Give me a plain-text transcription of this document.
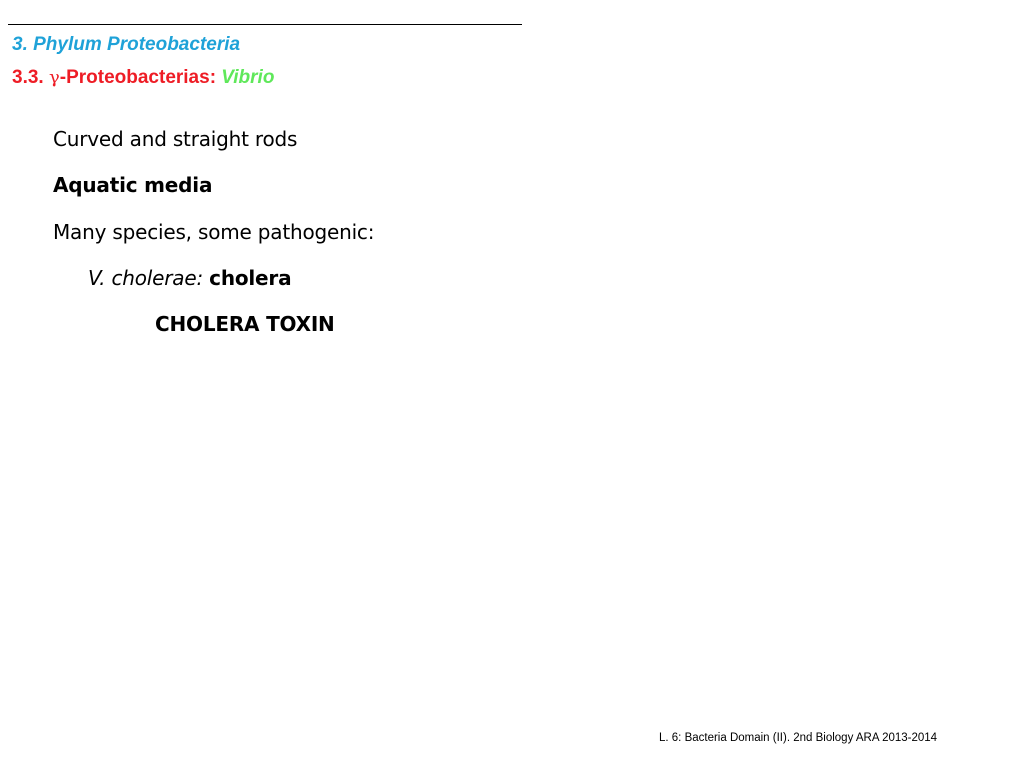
3. Phylum Proteobacteria
3.3. γ-Proteobacterias: Vibrio
Curved and straight rods
Aquatic media
Many species, some pathogenic:
V. cholerae: cholera
CHOLERA TOXIN
L. 6: Bacteria Domain (II). 2nd Biology ARA 2013-2014
